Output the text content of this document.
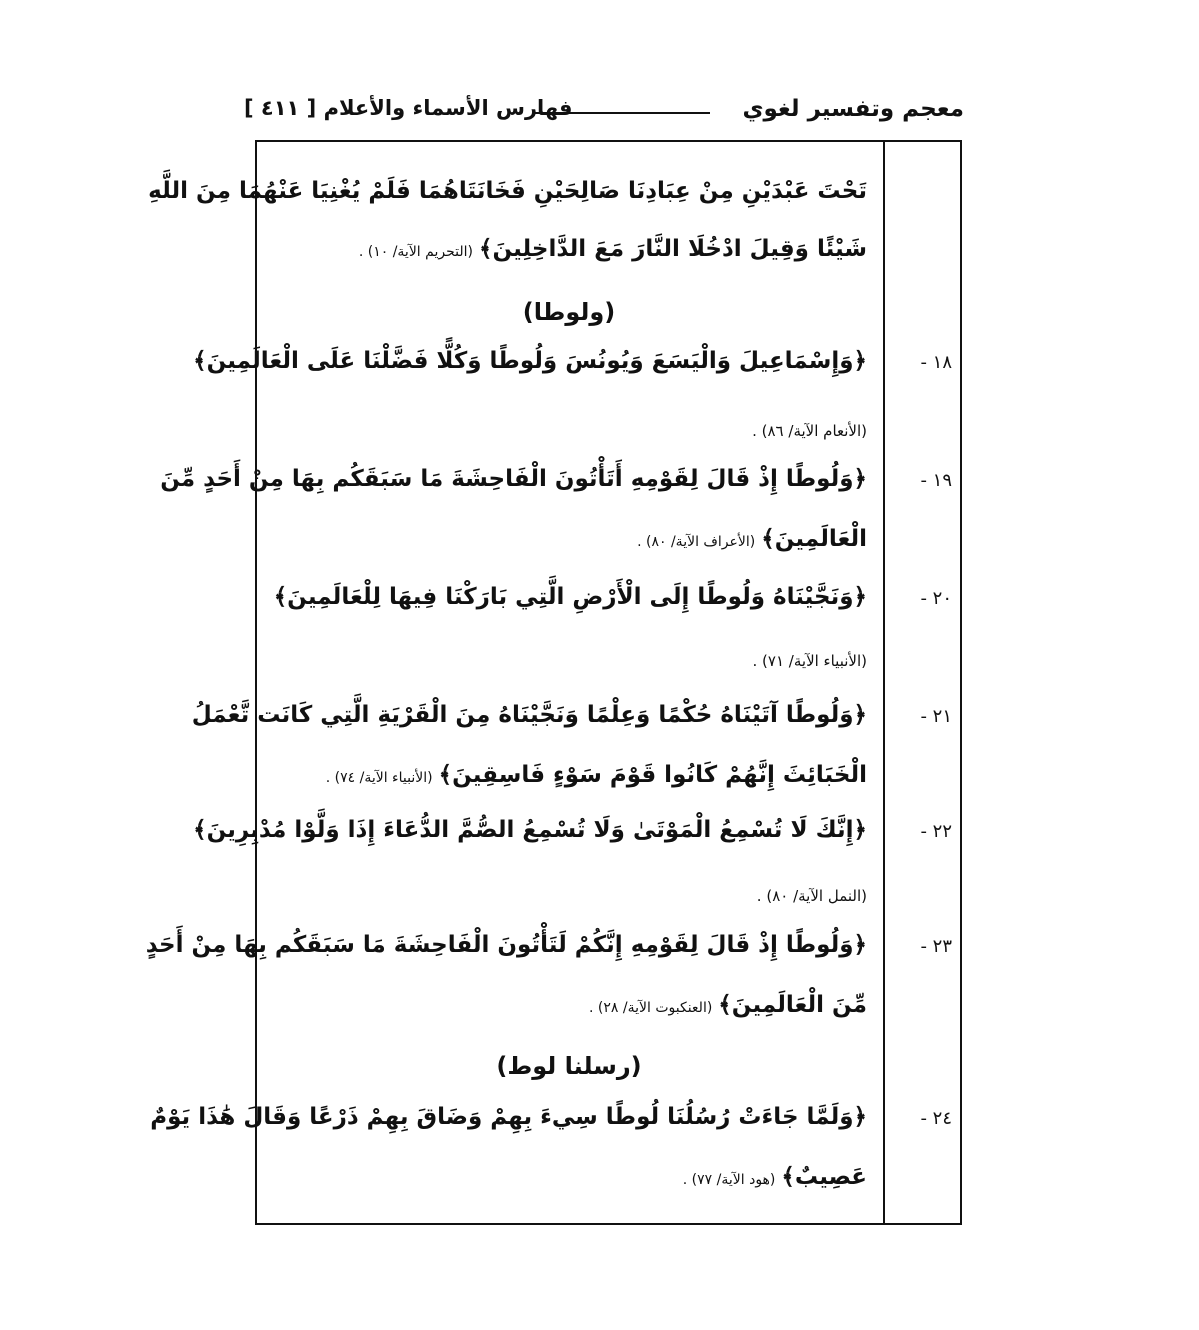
معجم وتفسير لغوي
فهارس الأسماء والأعلام [ ٤١١ ]
١٨ -
١٩ -
٢٠ -
٢١ -
٢٢ -
٢٣ -
٢٤ -
تَحْتَ عَبْدَيْنِ مِنْ عِبَادِنَا صَالِحَيْنِ فَخَانَتَاهُمَا فَلَمْ يُغْنِيَا عَنْهُمَا مِنَ اللَّهِ
شَيْئًا وَقِيلَ ادْخُلَا النَّارَ مَعَ الدَّاخِلِينَ﴾(التحريم الآية/ ١٠) .
(ولوطا)
﴿وَإِسْمَاعِيلَ وَالْيَسَعَ وَيُونُسَ وَلُوطًا وَكُلًّا فَضَّلْنَا عَلَى الْعَالَمِينَ﴾
(الأنعام الآية/ ٨٦) .
﴿وَلُوطًا إِذْ قَالَ لِقَوْمِهِ أَتَأْتُونَ الْفَاحِشَةَ مَا سَبَقَكُم بِهَا مِنْ أَحَدٍ مِّنَ
الْعَالَمِينَ﴾(الأعراف الآية/ ٨٠) .
﴿وَنَجَّيْنَاهُ وَلُوطًا إِلَى الْأَرْضِ الَّتِي بَارَكْنَا فِيهَا لِلْعَالَمِينَ﴾
(الأنبياء الآية/ ٧١) .
﴿وَلُوطًا آتَيْنَاهُ حُكْمًا وَعِلْمًا وَنَجَّيْنَاهُ مِنَ الْقَرْيَةِ الَّتِي كَانَت تَّعْمَلُ
الْخَبَائِثَ إِنَّهُمْ كَانُوا قَوْمَ سَوْءٍ فَاسِقِينَ﴾(الأنبياء الآية/ ٧٤) .
﴿إِنَّكَ لَا تُسْمِعُ الْمَوْتَىٰ وَلَا تُسْمِعُ الصُّمَّ الدُّعَاءَ إِذَا وَلَّوْا مُدْبِرِينَ﴾
(النمل الآية/ ٨٠) .
﴿وَلُوطًا إِذْ قَالَ لِقَوْمِهِ إِنَّكُمْ لَتَأْتُونَ الْفَاحِشَةَ مَا سَبَقَكُم بِهَا مِنْ أَحَدٍ
مِّنَ الْعَالَمِينَ﴾(العنكبوت الآية/ ٢٨) .
(رسلنا لوط)
﴿وَلَمَّا جَاءَتْ رُسُلُنَا لُوطًا سِيءَ بِهِمْ وَضَاقَ بِهِمْ ذَرْعًا وَقَالَ هَٰذَا يَوْمٌ
عَصِيبٌ﴾(هود الآية/ ٧٧) .
